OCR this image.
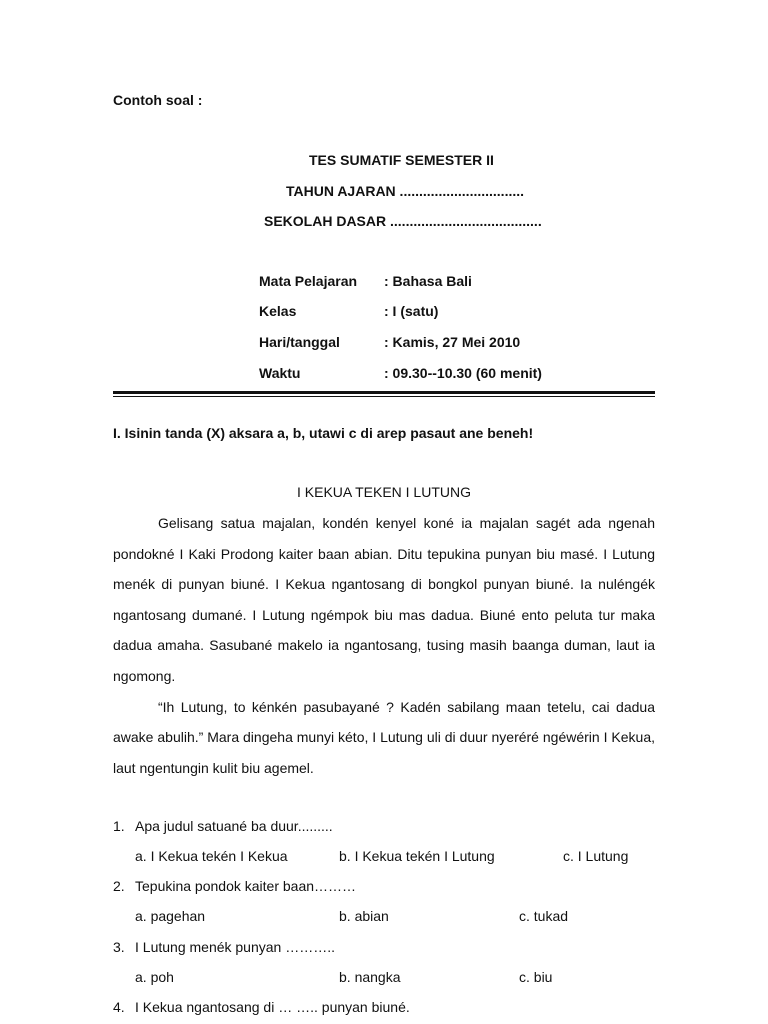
Contoh soal :
TES SUMATIF SEMESTER II
TAHUN AJARAN ................................
SEKOLAH DASAR .......................................
Mata Pelajaran : Bahasa Bali
Kelas	: I (satu)
Hari/tanggal	: Kamis, 27 Mei 2010
Waktu	: 09.30--10.30 (60 menit)
I. Isinin tanda (X) aksara a, b, utawi c di arep pasaut ane beneh!
I KEKUA TEKEN I LUTUNG

Gelisang satua majalan, kondén kenyel koné ia majalan sagét ada ngenah pondokné I Kaki Prodong kaiter baan abian. Ditu tepukina punyan biu masé. I Lutung menék di punyan biuné. I Kekua ngantosang di bongkol punyan biuné. Ia nuléngék ngantosang dumané. I Lutung ngémpok biu mas dadua. Biuné ento peluta tur maka dadua amaha. Sasubané makelo ia ngantosang, tusing masih baanga duman, laut ia ngomong.

“Ih Lutung, to kénkén pasubayané ? Kadén sabilang maan tetelu, cai dadua awake abulih.” Mara dingeha munyi kéto, I Lutung uli di duur nyeréré ngéwérin I Kekua, laut ngentungin kulit biu agemel.

1. Apa judul satuané ba duur.........
a. I Kekua tekén I Kekua	b. I Kekua tekén I Lutung	c. I Lutung
2. Tepukina pondok kaiter baan………
a. pagehan	b. abian	c. tukad
3. I Lutung menék punyan ………..
a. poh	b. nangka	c. biu
4. I Kekua ngantosang di … ….. punyan biuné.
